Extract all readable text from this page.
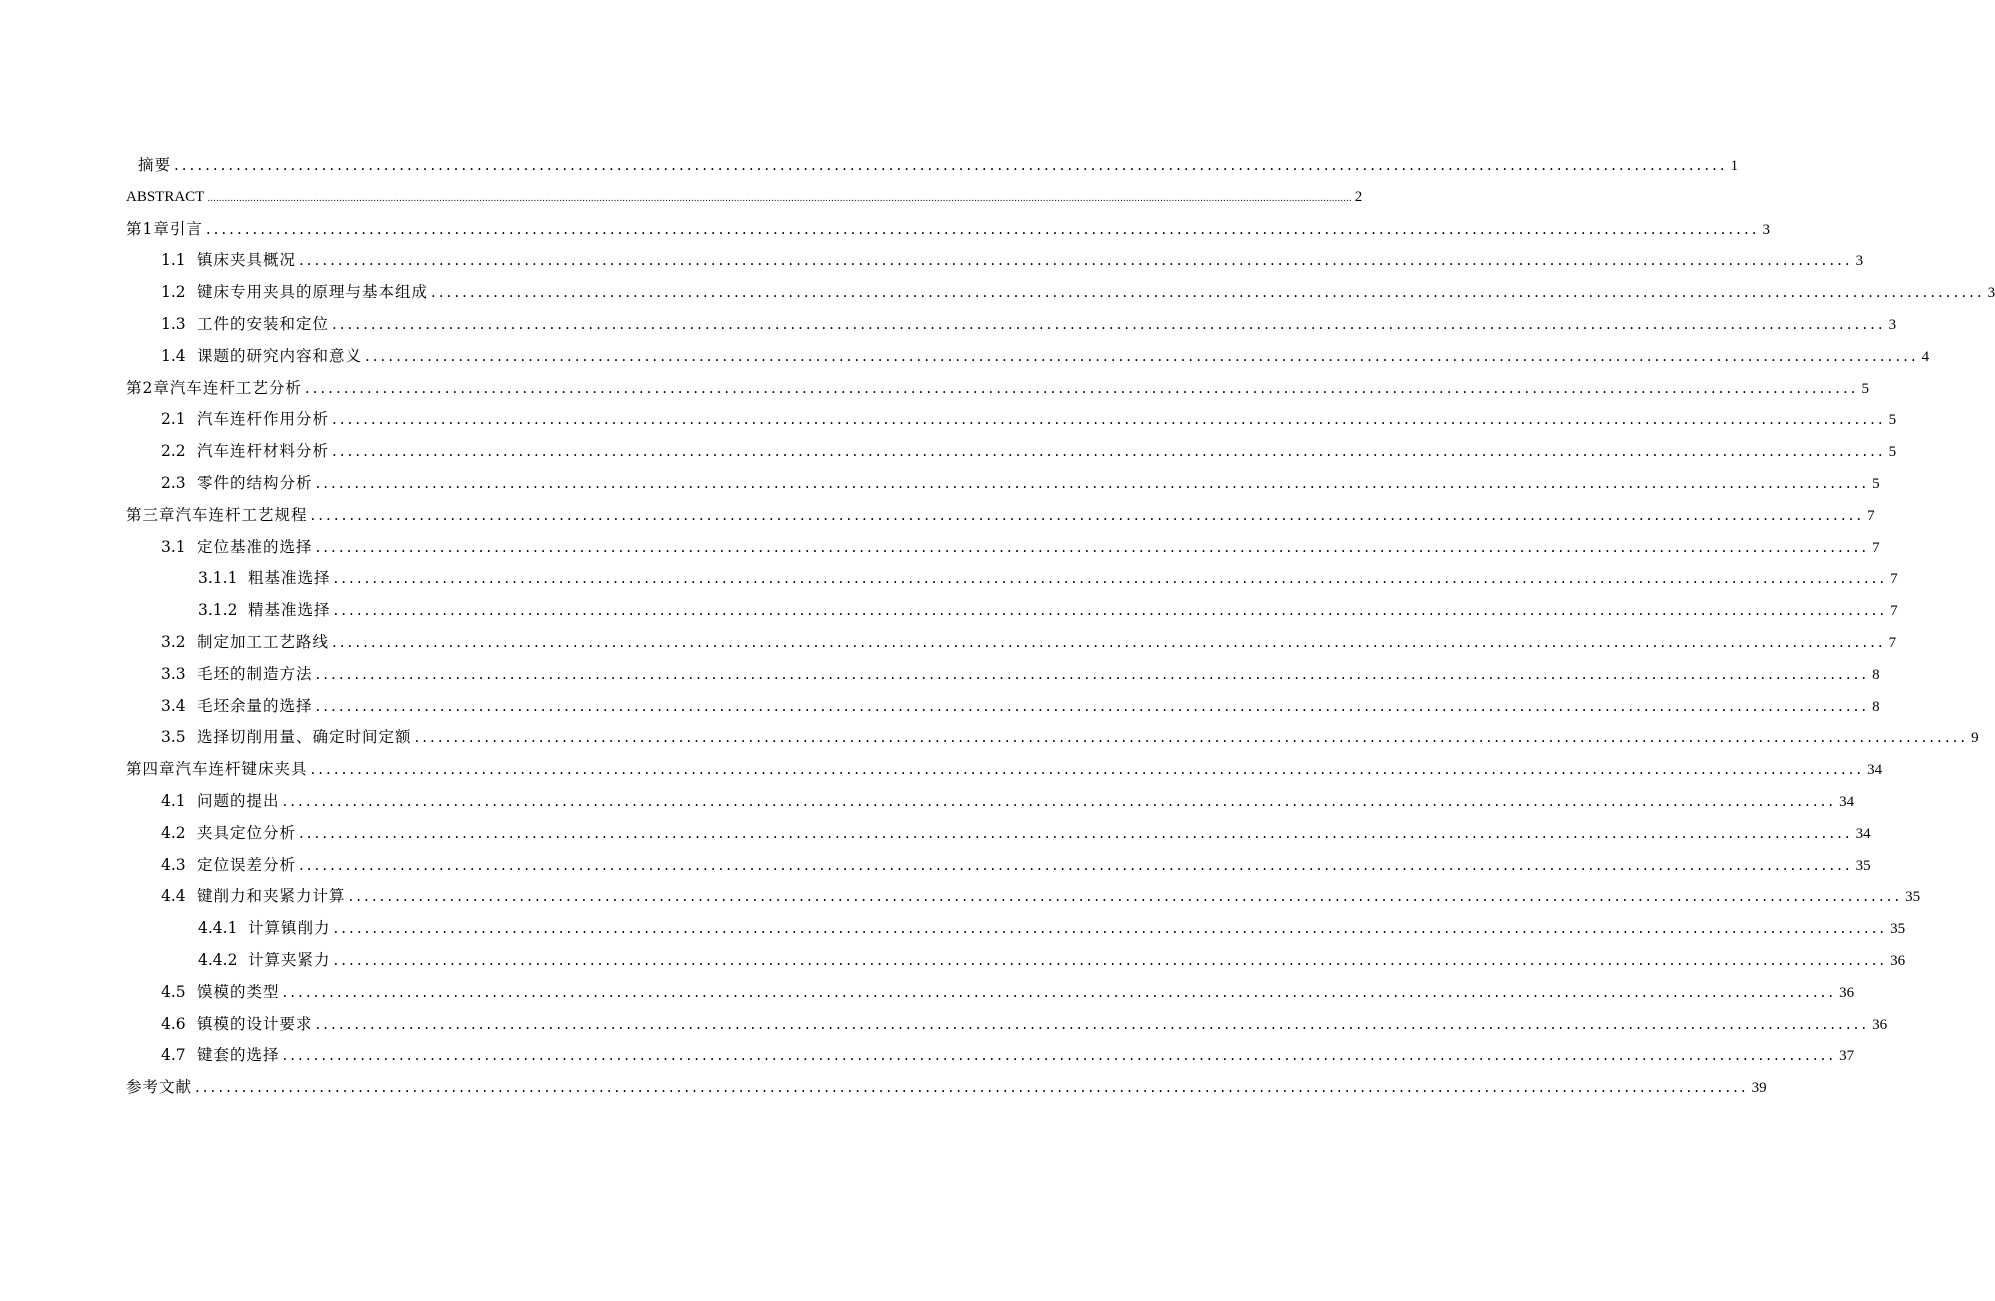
摘要 ........................................................................................................................................................................................................ 1
ABSTRACT ................................................................................................................................................................................................................................................................................................................................................................................................................ 2
第1章引言 ........................................................................................................................................................................................................ 3
1.1 镇床夹具概况 ........................................................................................................................................................................................................ 3
1.2 键床专用夹具的原理与基本组成 ........................................................................................................................................................................................................ 3
1.3 工件的安装和定位 ........................................................................................................................................................................................................ 3
1.4 课题的研究内容和意义 ........................................................................................................................................................................................................ 4
第2章汽车连杆工艺分析 ........................................................................................................................................................................................................ 5
2.1 汽车连杆作用分析 ........................................................................................................................................................................................................ 5
2.2 汽车连杆材料分析 ........................................................................................................................................................................................................ 5
2.3 零件的结构分析 ........................................................................................................................................................................................................ 5
第三章汽车连杆工艺规程 ........................................................................................................................................................................................................ 7
3.1 定位基准的选择 ........................................................................................................................................................................................................ 7
3.1.1 粗基准选择 ........................................................................................................................................................................................................ 7
3.1.2 精基准选择 ........................................................................................................................................................................................................ 7
3.2 制定加工工艺路线 ........................................................................................................................................................................................................ 7
3.3 毛坯的制造方法 ........................................................................................................................................................................................................ 8
3.4 毛坯余量的选择 ........................................................................................................................................................................................................ 8
3.5 选择切削用量、确定时间定额 ........................................................................................................................................................................................................ 9
第四章汽车连杆键床夹具 ........................................................................................................................................................................................................ 34
4.1 问题的提出 ........................................................................................................................................................................................................ 34
4.2 夹具定位分析 ........................................................................................................................................................................................................ 34
4.3 定位误差分析 ........................................................................................................................................................................................................ 35
4.4 键削力和夹紧力计算 ........................................................................................................................................................................................................ 35
4.4.1 计算镇削力 ........................................................................................................................................................................................................ 35
4.4.2 计算夹紧力 ........................................................................................................................................................................................................ 36
4.5 馍模的类型 ........................................................................................................................................................................................................ 36
4.6 镇模的设计要求 ........................................................................................................................................................................................................ 36
4.7 键套的选择 ........................................................................................................................................................................................................ 37
参考文献 ........................................................................................................................................................................................................ 39
